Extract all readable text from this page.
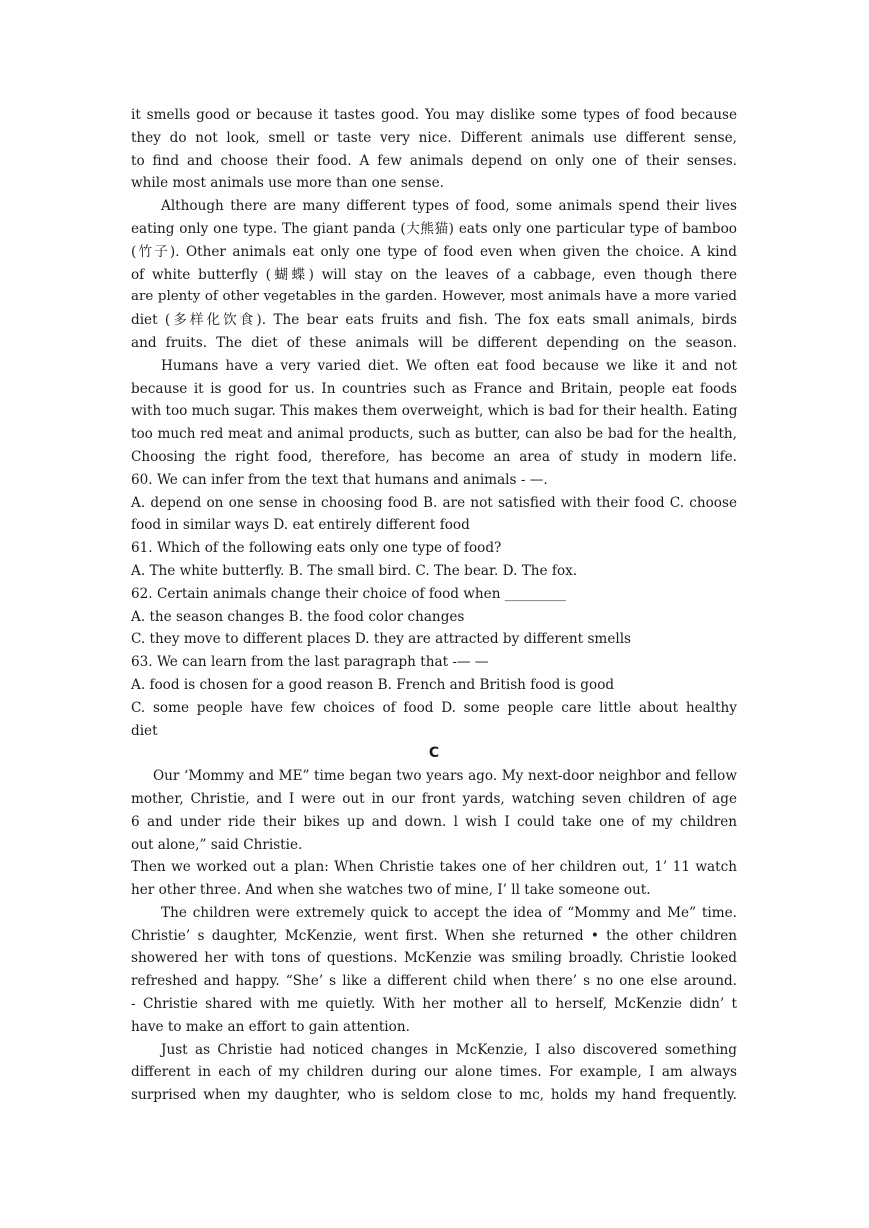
it smells good or because it tastes good. You may dislike some types of food because
they do not look, smell or taste very nice. Different animals use different sense,
to find and choose their food. A few animals depend on only one of their senses.
while most animals use more than one sense.
Although there are many different types of food, some animals spend their lives
eating only one type. The giant panda (大熊猫) eats only one particular type of bamboo
(竹子). Other animals eat only one type of food even when given the choice. A kind
of white butterfly (蝴蝶) will stay on the leaves of a cabbage, even though there
are plenty of other vegetables in the garden. However, most animals have a more varied
diet (多样化饮食). The bear eats fruits and fish. The fox eats small animals, birds
and fruits. The diet of these animals will be different depending on the season.
Humans have a very varied diet. We often eat food because we like it and not
because it is good for us. In countries such as France and Britain, people eat foods
with too much sugar. This makes them overweight, which is bad for their health. Eating
too much red meat and animal products, such as butter, can also be bad for the health,
Choosing the right food, therefore, has become an area of study in modern life.
60. We can infer from the text that humans and animals - —.
A. depend on one sense in choosing food B. are not satisfied with their food C. choose
food in similar ways D. eat entirely different food
61. Which of the following eats only one type of food?
A. The white butterfly. B. The small bird. C. The bear. D. The fox.
62. Certain animals change their choice of food when _________
A. the season changes B. the food color changes
C. they move to different places D. they are attracted by different smells
63. We can learn from the last paragraph that -— —
A. food is chosen for a good reason B. French and British food is good
C. some people have few choices of food D. some people care little about healthy
diet
C
Our ‘Mommy and ME” time began two years ago. My next-door neighbor and fellow
mother, Christie, and I were out in our front yards, watching seven children of age
6 and under ride their bikes up and down. l wish I could take one of my children
out alone,” said Christie.
Then we worked out a plan: When Christie takes one of her children out, 1’ 11 watch
her other three. And when she watches two of mine, I’ ll take someone out.
The children were extremely quick to accept the idea of “Mommy and Me” time.
Christie’ s daughter, McKenzie, went first. When she returned • the other children
showered her with tons of questions. McKenzie was smiling broadly. Christie looked
refreshed and happy. “She’ s like a different child when there’ s no one else around.
- Christie shared with me quietly. With her mother all to herself, McKenzie didn’ t
have to make an effort to gain attention.
Just as Christie had noticed changes in McKenzie, I also discovered something
different in each of my children during our alone times. For example, I am always
surprised when my daughter, who is seldom close to mc, holds my hand frequently.
